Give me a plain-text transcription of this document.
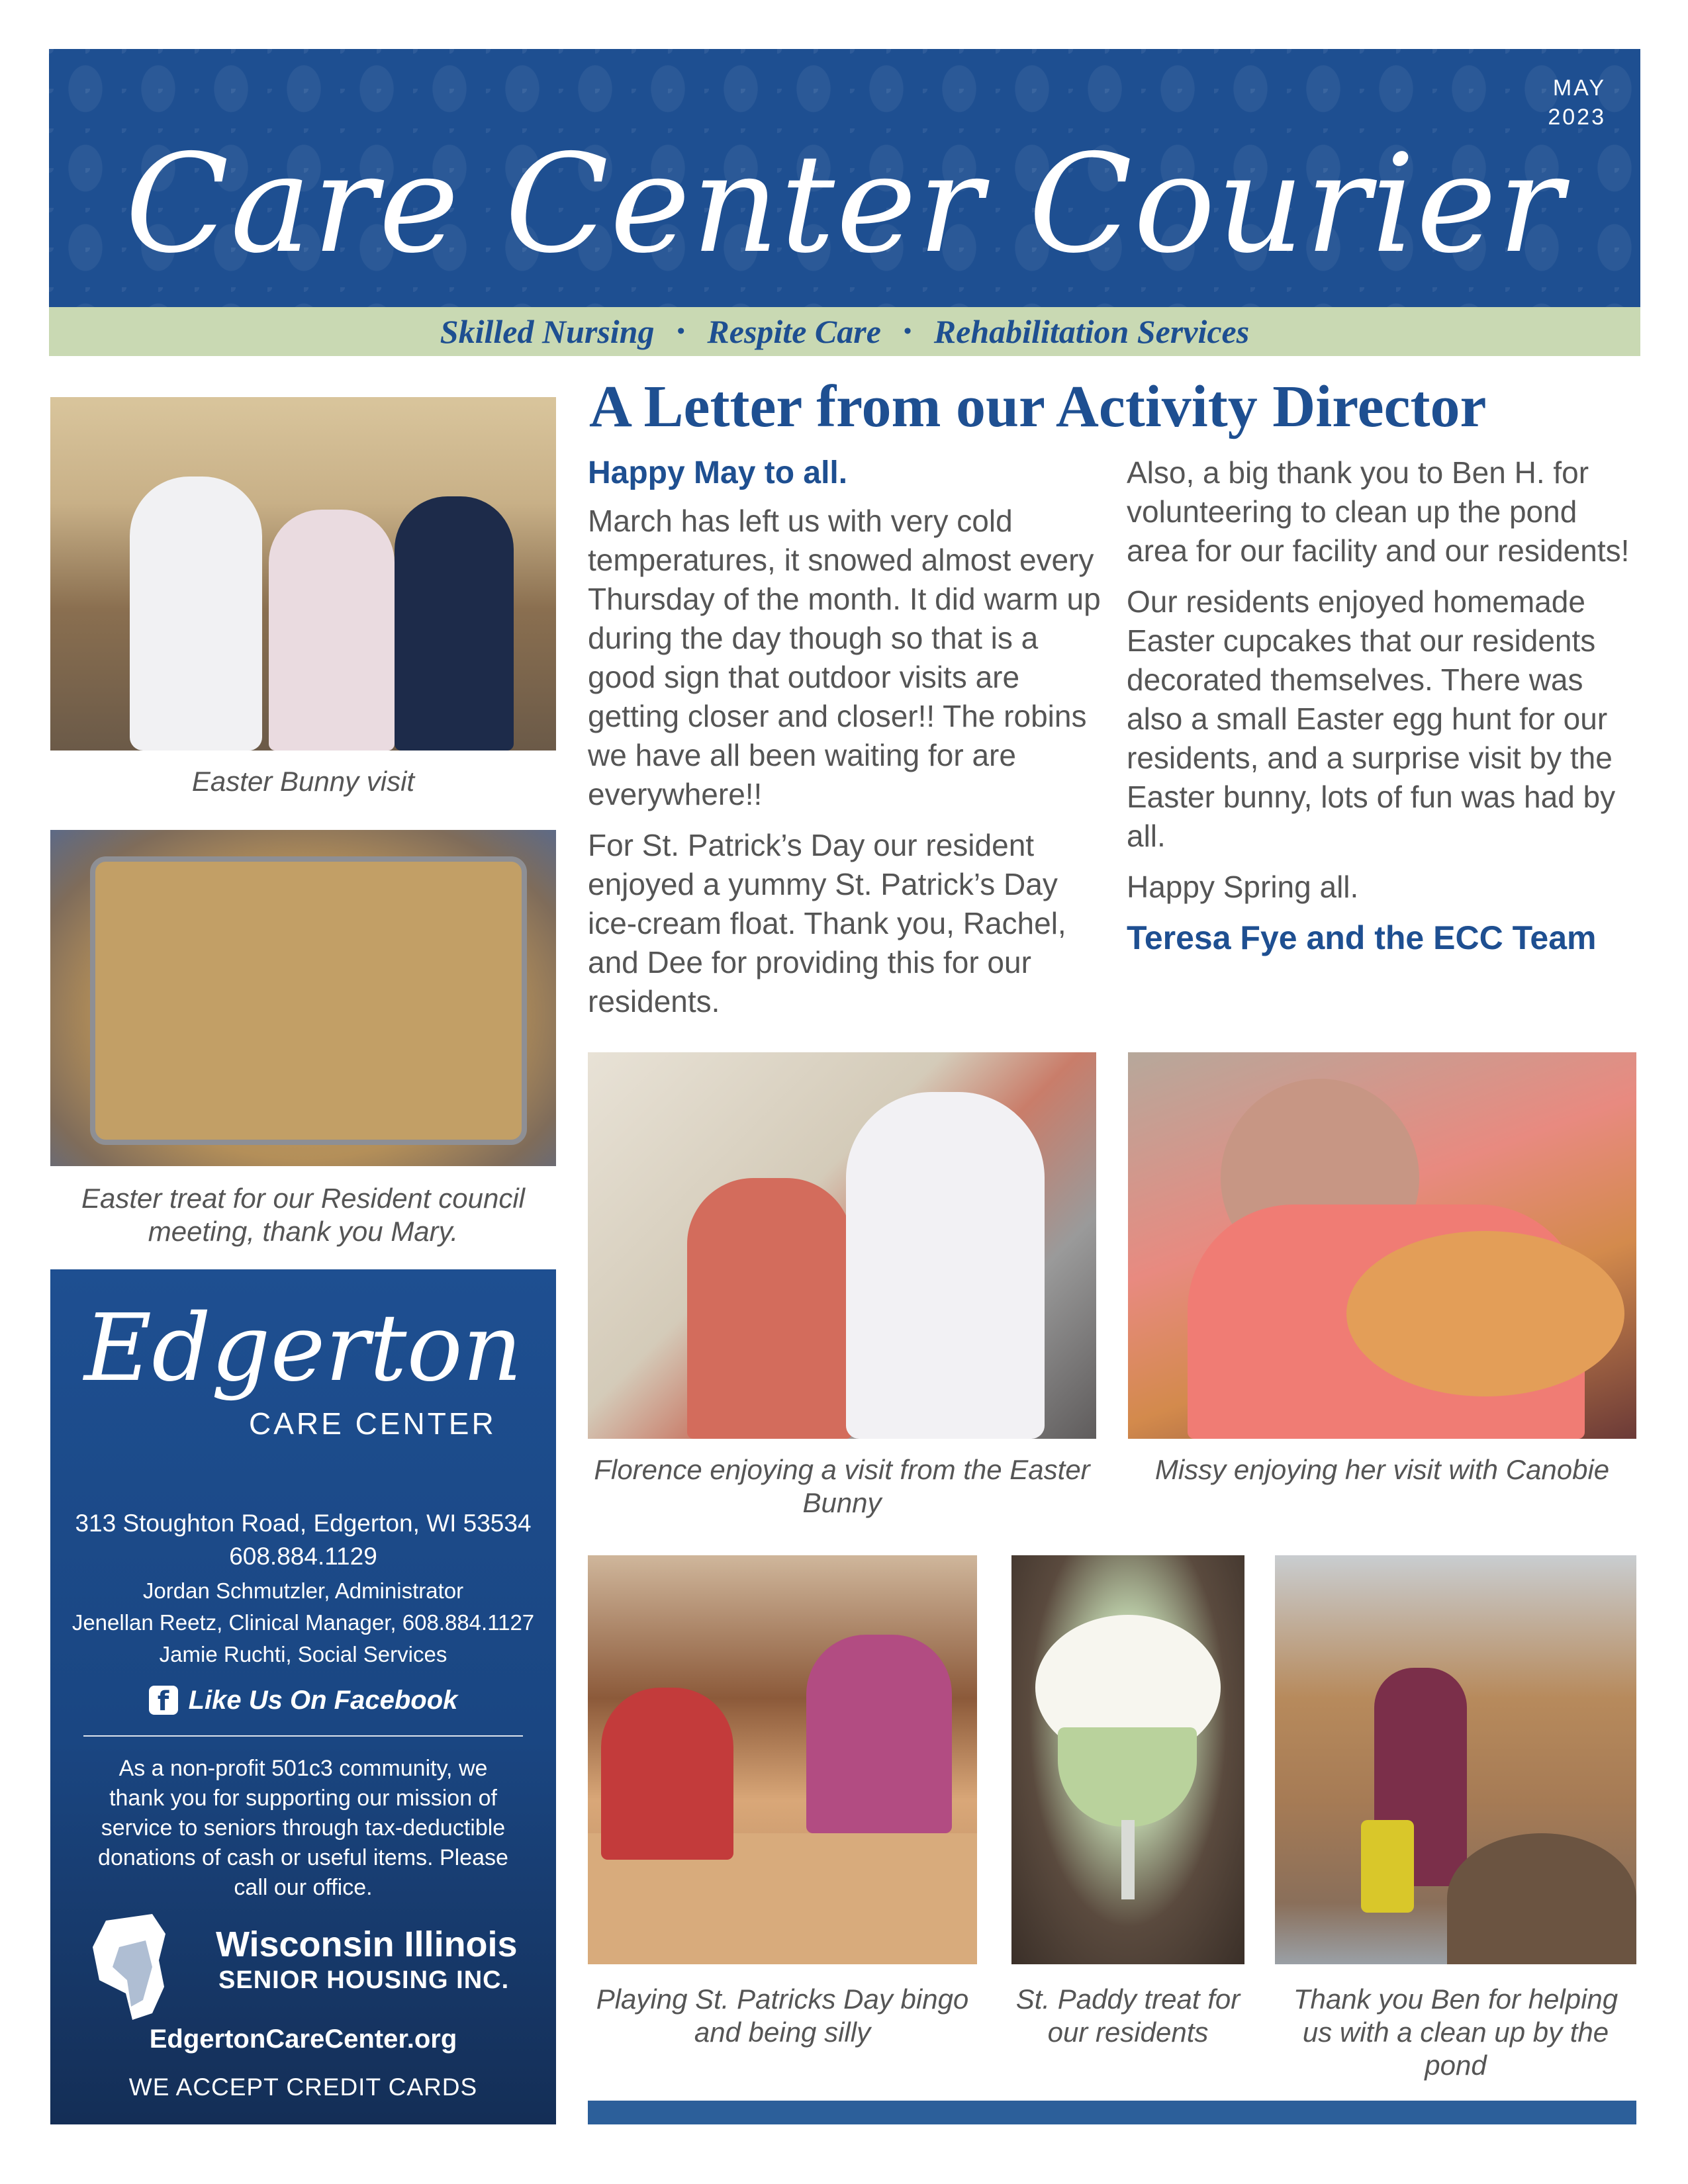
Care Center Courier
MAY
2023
Skilled Nursing • Respite Care • Rehabilitation Services
Easter Bunny visit
Easter treat for our Resident council meeting, thank you Mary.
A Letter from our Activity Director

Happy May to all.

March has left us with very cold temperatures, it snowed almost every Thursday of the month. It did warm up during the day though so that is a good sign that outdoor visits are getting closer and closer!! The robins we have all been waiting for are everywhere!!

For St. Patrick’s Day our resident enjoyed a yummy St. Patrick’s Day ice-cream float. Thank you, Rachel, and Dee for providing this for our residents.

Also, a big thank you to Ben H. for volunteering to clean up the pond area for our facility and our residents!

Our residents enjoyed homemade Easter cupcakes that our residents decorated themselves. There was also a small Easter egg hunt for our residents, and a surprise visit by the Easter bunny, lots of fun was had by all.

Happy Spring all.

Teresa Fye and the ECC Team

Florence enjoying a visit from the Easter Bunny
Missy enjoying her visit with Canobie
Playing St. Patricks Day bingo and being silly
St. Paddy treat for our residents
Thank you Ben for helping us with a clean up by the pond
Edgerton
CARE CENTER
313 Stoughton Road, Edgerton, WI 53534
608.884.1129
Jordan Schmutzler, Administrator
Jenellan Reetz, Clinical Manager, 608.884.1127
Jamie Ruchti, Social Services
f Like Us On Facebook
As a non-profit 501c3 community, we thank you for supporting our mission of service to seniors through tax-deductible donations of cash or useful items. Please call our office.
Wisconsin Illinois
SENIOR HOUSING INC.
EdgertonCareCenter.org
WE ACCEPT CREDIT CARDS
